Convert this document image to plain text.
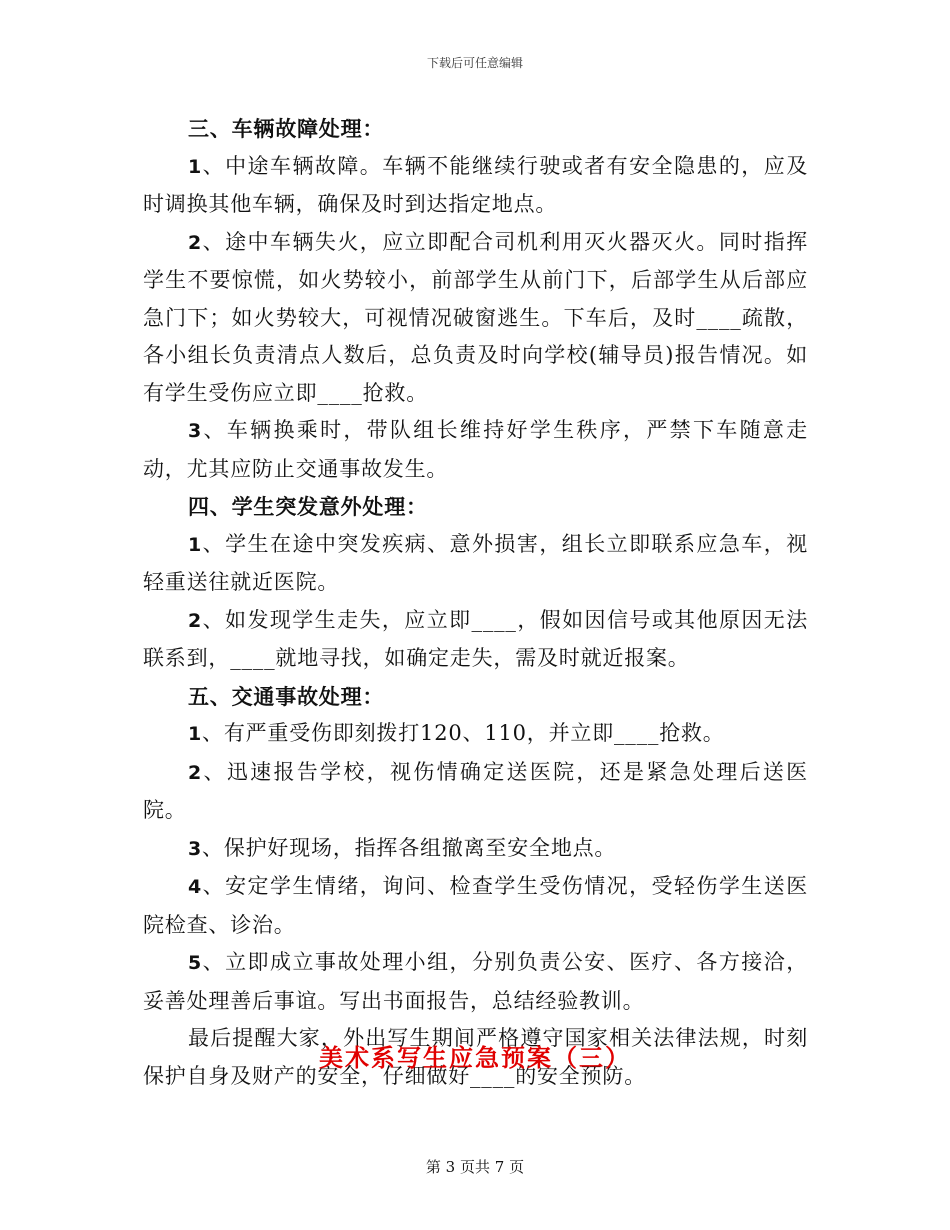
下载后可任意编辑

三、车辆故障处理：

1、中途车辆故障。车辆不能继续行驶或者有安全隐患的，应及时调换其他车辆，确保及时到达指定地点。

2、途中车辆失火，应立即配合司机利用灭火器灭火。同时指挥学生不要惊慌，如火势较小，前部学生从前门下，后部学生从后部应急门下；如火势较大，可视情况破窗逃生。下车后，及时____疏散，各小组长负责清点人数后，总负责及时向学校(辅导员)报告情况。如有学生受伤应立即____抢救。

3、车辆换乘时，带队组长维持好学生秩序，严禁下车随意走动，尤其应防止交通事故发生。

四、学生突发意外处理：

1、学生在途中突发疾病、意外损害，组长立即联系应急车，视轻重送往就近医院。

2、如发现学生走失，应立即____，假如因信号或其他原因无法联系到，____就地寻找，如确定走失，需及时就近报案。

五、交通事故处理：

1、有严重受伤即刻拨打120、110，并立即____抢救。

2、迅速报告学校，视伤情确定送医院，还是紧急处理后送医院。

3、保护好现场，指挥各组撤离至安全地点。

4、安定学生情绪，询问、检查学生受伤情况，受轻伤学生送医院检查、诊治。

5、立即成立事故处理小组，分别负责公安、医疗、各方接洽，妥善处理善后事谊。写出书面报告，总结经验教训。

最后提醒大家，外出写生期间严格遵守国家相关法律法规，时刻保护自身及财产的安全，仔细做好____的安全预防。

美术系写生应急预案（三）
第 3 页共 7 页
